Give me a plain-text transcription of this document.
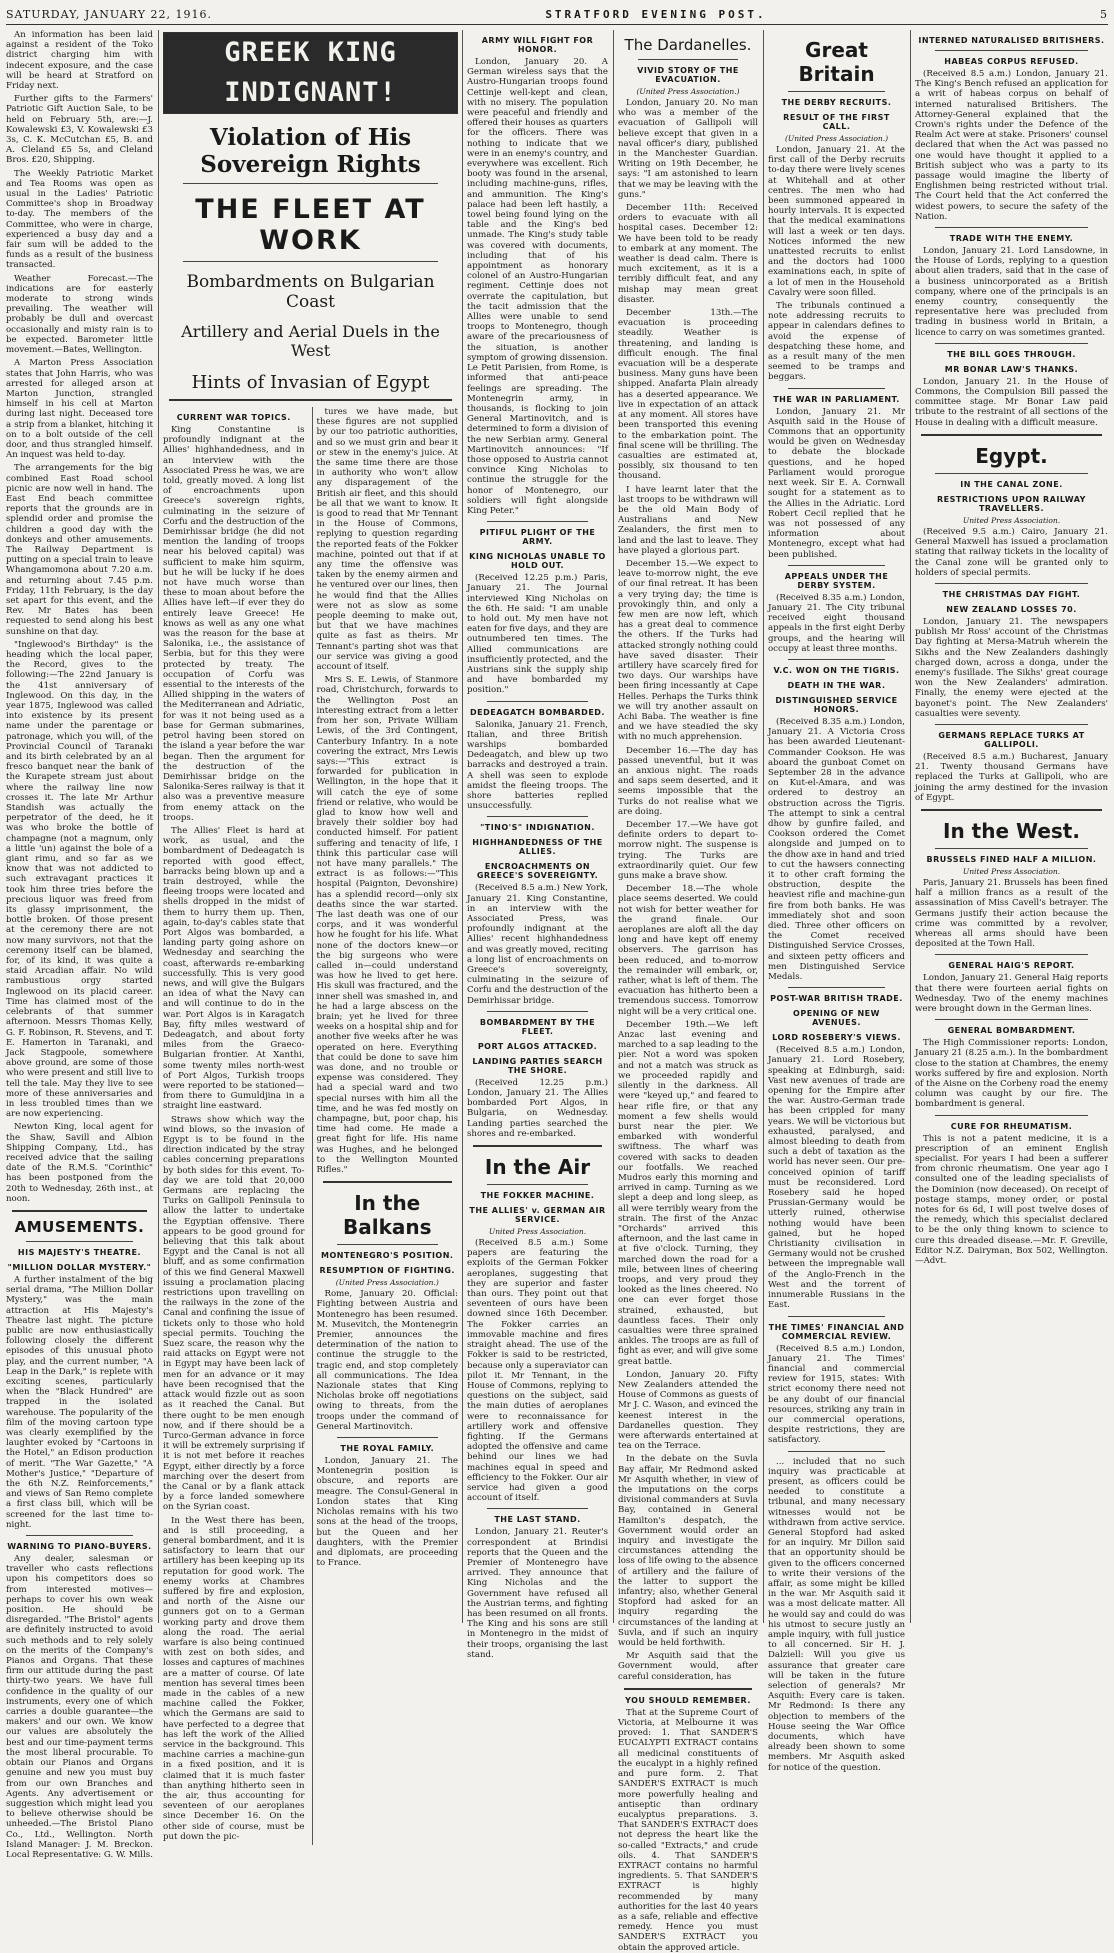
SATURDAY, JANUARY 22, 1916.	STRATFORD EVENING POST.	5

An information has been laid against a resident of the Toko district charging him with indecent exposure, and the case will be heard at Stratford on Friday next.

Further gifts to the Farmers' Patriotic Gift Auction Sale, to be held on February 5th, are:—J. Kowalewski £3, V. Kowalewski £3 3s, C. K. McCutchan £5, B. and A. Cleland £5 5s, and Cleland Bros. £20, Shipping.

The Weekly Patriotic Market and Tea Rooms was open as usual in the Ladies' Patriotic Committee's shop in Broadway to-day. The members of the Committee, who were in charge, experienced a busy day and a fair sum will be added to the funds as a result of the business transacted.

Weather Forecast.—The indications are for easterly moderate to strong winds prevailing. The weather will probably be dull and overcast occasionally and misty rain is to be expected. Barometer little movement.—Bates, Wellington.

A Marton Press Association states that John Harris, who was arrested for alleged arson at Marton Junction, strangled himself in his cell at Marton during last night. Deceased tore a strip from a blanket, hitching it on to a bolt outside of the cell door, and thus strangled himself. An inquest was held to-day.

The arrangements for the big combined East Road school picnic are now well in hand. The East End beach committee reports that the grounds are in splendid order and promise the children a good day with the donkeys and other amusements. The Railway Department is putting on a special train to leave Whangamomona about 7.20 a.m. and returning about 7.45 p.m. Friday, 11th February, is the day set apart for this event, and the Rev. Mr Bates has been requested to send along his best sunshine on that day.

"Inglewood's Birthday" is the heading which the local paper, the Record, gives to the following:—The 22nd January is the 41st anniversary of Inglewood. On this day, in the year 1875, Inglewood was called into existence by its present name under the parentage or patronage, which you will, of the Provincial Council of Taranaki and its birth celebrated by an al fresco banquet near the bank of the Kurapete stream just about where the railway line now crosses it. The late Mr Arthur Standish was actually the perpetrator of the deed, he it was who broke the bottle of champagne (not a magnum, only a little 'un) against the bole of a giant rimu, and so far as we know that was not addicted to such extravagant practices it took him three tries before the precious liquor was freed from its glassy imprisonment, the bottle broken. Of those present at the ceremony there are not now many survivors, not that the ceremony itself can be blamed, for, of its kind, it was quite a staid Arcadian affair. No wild rambustious orgy started Inglewood on its placid career. Time has claimed most of the celebrants of that summer afternoon. Messrs Thomas Kelly, G. F. Robinson, R. Stevens, and T. E. Hamerton in Taranaki, and Jack Stagpoole, somewhere above ground, are some of those who were present and still live to tell the tale. May they live to see more of these anniversaries and in less troubled times than we are now experiencing.

Newton King, local agent for the Shaw, Savill and Albion Shipping Company, Ltd., has received advice that the sailing date of the R.M.S. "Corinthic" has been postponed from the 20th to Wednesday, 26th inst., at noon.

AMUSEMENTS.
HIS MAJESTY'S THEATRE.
"MILLION DOLLAR MYSTERY."

A further instalment of the big serial drama, "The Million Dollar Mystery," was the main attraction at His Majesty's Theatre last night. The picture public are now enthusiastically following closely the different episodes of this unusual photo play, and the current number, "A Leap in the Dark," is replete with exciting scenes, particularly when the "Black Hundred" are trapped in the isolated warehouse. The popularity of the film of the moving cartoon type was clearly exemplified by the laughter evoked by "Cartoons in the Hotel," an Edison production of merit. "The War Gazette," "A Mother's Justice," "Departure of the 6th N.Z. Reinforcements," and views of San Remo complete a first class bill, which will be screened for the last time to-night.

WARNING TO PIANO-BUYERS.

Any dealer, salesman or traveller who casts reflections upon his competitors does so from interested motives—perhaps to cover his own weak position. He should be disregarded. "The Bristol" agents are definitely instructed to avoid such methods and to rely solely on the merits of the Company's Pianos and Organs. That these firm our attitude during the past thirty-two years. We have full confidence in the quality of our instruments, every one of which carries a double guarantee—the makers' and our own. We know our values are absolutely the best and our time-payment terms the most liberal procurable. To obtain our Pianos and Organs genuine and new you must buy from our own Branches and Agents. Any advertisement or suggestion which might lead you to believe otherwise should be unheeded.—The Bristol Piano Co., Ltd., Wellington. North Island Manager: J. M. Breckon. Local Representative: G. W. Mills.

GREEK KING INDIGNANT!
Violation of His Sovereign Rights
THE FLEET AT WORK
Bombardments on Bulgarian Coast
Artillery and Aerial Duels in the West
Hints of Invasian of Egypt
CURRENT WAR TOPICS.

King Constantine is profoundly indignant at the Allies' highhandedness, and in an interview with the Associated Press he was, we are told, greatly moved. A long list of encroachments upon Greece's sovereign rights, culminating in the seizure of Corfu and the destruction of the Demirhissar bridge (he did not mention the landing of troops near his beloved capital) was sufficient to make him squirm, but he will be lucky if he does not have much worse than these to moan about before the Allies have left—if ever they do entirely leave Greece! He knows as well as any one what was the reason for the base at Salonika, i.e., the assistance of Serbia, but for this they were protected by treaty. The occupation of Corfu was essential to the interests of the Allied shipping in the waters of the Mediterranean and Adriatic, for was it not being used as a base for German submarines, petrol having been stored on the island a year before the war began. Then the argument for the destruction of the Demirhissar bridge on the Salonika-Seres railway is that it also was a preventive measure from enemy attack on the troops.

The Allies' Fleet is hard at work, as usual, and the bombardment of Dedeagatch is reported with good effect, barracks being blown up and a train destroyed, while the fleeing troops were located and shells dropped in the midst of them to hurry them up. Then, again, to-day's cables state that Port Algos was bombarded, a landing party going ashore on Wednesday and searching the coast, afterwards re-embarking successfully. This is very good news, and will give the Bulgars an idea of what the Navy can and will continue to do in the war. Port Algos is in Karagatch Bay, fifty miles westward of Dedeagatch, and about forty miles from the Graeco-Bulgarian frontier. At Xanthi, some twenty miles north-west of Port Algos, Turkish troops were reported to be stationed—from there to Gumuldjina in a straight line eastward.

Straws show which way the wind blows, so the invasion of Egypt is to be found in the direction indicated by the stray cables concerning preparations by both sides for this event. To-day we are told that 20,000 Germans are replacing the Turks on Gallipoli Peninsula to allow the latter to undertake the Egyptian offensive. There appears to be good ground for believing that this talk about Egypt and the Canal is not all bluff, and as some confirmation of this we find General Maxwell issuing a proclamation placing restrictions upon travelling on the railways in the zone of the Canal and confining the issue of tickets only to those who hold special permits. Touching the Suez scare, the reason why the raid attacks on Egypt were not in Egypt may have been lack of men for an advance or it may have been recognised that the attack would fizzle out as soon as it reached the Canal. But there ought to be men enough now, and if there should be a Turco-German advance in force it will be extremely surprising if it is not met before it reaches Egypt, either directly by a force marching over the desert from the Canal or by a flank attack by a force landed somewhere on the Syrian coast.

In the West there has been, and is still proceeding, a general bombardment, and it is satisfactory to learn that our artillery has been keeping up its reputation for good work. The enemy works at Chambres suffered by fire and explosion, and north of the Aisne our gunners got on to a German working party and drove them along the road. The aerial warfare is also being continued with zest on both sides, and losses and captures of machines are a matter of course. Of late mention has several times been made in the cables of a new machine called the Fokker, which the Germans are said to have perfected to a degree that has left the work of the Allied service in the background. This machine carries a machine-gun in a fixed position, and it is claimed that it is much faster than anything hitherto seen in the air, thus accounting for seventeen of our aeroplanes since December 16. On the other side of course, must be put down the pic-

tures we have made, but these figures are not supplied by our too patriotic authorities, and so we must grin and bear it or stew in the enemy's juice. At the same time there are those in authority who won't allow any disparagement of the British air fleet, and this should be all that we want to know. It is good to read that Mr Tennant in the House of Commons, replying to question regarding the reported feats of the Fokker machine, pointed out that if at any time the offensive was taken by the enemy airmen and he ventured over our lines, then he would find that the Allies were not as slow as some people deeming to make out, but that we have machines quite as fast as theirs. Mr Tennant's parting shot was that our service was giving a good account of itself.

Mrs S. E. Lewis, of Stanmore road, Christchurch, forwards to the Wellington Post an interesting extract from a letter from her son, Private William Lewis, of the 3rd Contingent, Canterbury Infantry. In a note covering the extract, Mrs Lewis says:—"This extract is forwarded for publication in Wellington, in the hope that it will catch the eye of some friend or relative, who would be glad to know how well and bravely their soldier boy had conducted himself. For patient suffering and tenacity of life, I think this particular case will not have many parallels." The extract is as follows:—"This hospital (Paignton, Devonshire) has a splendid record—only six deaths since the war started. The last death was one of our corps, and it was wonderful how he fought for his life. What none of the doctors knew—or the big surgeons who were called in—could understand was how he lived to get here. His skull was fractured, and the inner shell was smashed in, and he had a large abscess on the brain; yet he lived for three weeks on a hospital ship and for another five weeks after he was operated on here. Everything that could be done to save him was done, and no trouble or expense was considered. They had a special ward and two special nurses with him all the time, and he was fed mostly on champagne, but, poor chap, his time had come. He made a great fight for life. His name was Hughes, and he belonged to the Wellington Mounted Rifles."

In the Balkans
MONTENEGRO'S POSITION.
RESUMPTION OF FIGHTING.
(United Press Association.)

Rome, January 20. Official: Fighting between Austria and Montenegro has been resumed. M. Musevitch, the Montenegrin Premier, announces the determination of the nation to continue the struggle to the tragic end, and stop completely all communications. The Idea Nazionale states that King Nicholas broke off negotiations owing to threats, from the troops under the command of General Martinovitch.

THE ROYAL FAMILY.

London, January 21. The Montenegrin position is obscure, and reports are meagre. The Consul-General in London states that King Nicholas remains with his two sons at the head of the troops, but the Queen and her daughters, with the Premier and diplomats, are proceeding to France.

ARMY WILL FIGHT FOR HONOR.

London, January 20. A German wireless says that the Austro-Hungarian troops found Cettinje well-kept and clean, with no misery. The population were peaceful and friendly and offered their houses as quarters for the officers. There was nothing to indicate that we were in an enemy's country, and everywhere was excellent. Rich booty was found in the arsenal, including machine-guns, rifles, and ammunition. The King's palace had been left hastily, a towel being found lying on the table and the King's bed unmade. The King's study table was covered with documents, including that of his appointment as honorary colonel of an Austro-Hungarian regiment. Cettinje does not overrate the capitulation, but the tacit admission that the Allies were unable to send troops to Montenegro, though aware of the precariousness of the situation, is another symptom of growing dissension. Le Petit Parisien, from Rome, is informed that anti-peace feelings are spreading. The Montenegrin army, in thousands, is flocking to join General Martinovitch, and is determined to form a division of the new Serbian army. General Martinovitch announces: "If those opposed to Austria cannot convince King Nicholas to continue the struggle for the honor of Montenegro, our soldiers will fight alongside King Peter."

PITIFUL PLIGHT OF THE ARMY.
KING NICHOLAS UNABLE TO HOLD OUT.

(Received 12.25 p.m.) Paris, January 21. The Journal interviewed King Nicholas on the 6th. He said: "I am unable to hold out. My men have not eaten for five days, and they are outnumbered ten times. The Allied communications are insufficiently protected, and the Austrians sink the supply ship and have bombarded my position."

DEDEAGATCH BOMBARDED.

Salonika, January 21. French, Italian, and three British warships bombarded Dedeagatch, and blew up two barracks and destroyed a train. A shell was seen to explode amidst the fleeing troops. The shore batteries replied unsuccessfully.

"TINO'S" INDIGNATION.
HIGHHANDEDNESS OF THE ALLIES.
ENCROACHMENTS ON GREECE'S SOVEREIGNTY.

(Received 8.5 a.m.) New York, January 21. King Constantine, in an interview with the Associated Press, was profoundly indignant at the Allies' recent highhandedness and was greatly moved, reciting a long list of encroachments on Greece's sovereignty, culminating in the seizure of Corfu and the destruction of the Demirhissar bridge.

BOMBARDMENT BY THE FLEET.
PORT ALGOS ATTACKED.
LANDING PARTIES SEARCH THE SHORE.

(Received 12.25 p.m.) London, January 21. The Allies bombarded Port Algos, in Bulgaria, on Wednesday. Landing parties searched the shores and re-embarked.

In the Air
THE FOKKER MACHINE.
THE ALLIES' v. GERMAN AIR SERVICE.
United Press Association.

(Received 8.5 a.m.) Some papers are featuring the exploits of the German Fokker aeroplanes, suggesting that they are superior and faster than ours. They point out that seventeen of ours have been downed since 16th December. The Fokker carries an immovable machine and fires straight ahead. The use of the Fokker is said to be restricted, because only a superaviator can pilot it. Mr Tennant, in the House of Commons, replying to questions on the subject, said the main duties of aeroplanes were to reconnaissance for artillery work and offensive fighting. If the Germans adopted the offensive and came behind our lines we had machines equal in speed and efficiency to the Fokker. Our air service had given a good account of itself.

THE LAST STAND.

London, January 21. Reuter's correspondent at Brindisi reports that the Queen and the Premier of Montenegro have arrived. They announce that King Nicholas and the Government have refused all the Austrian terms, and fighting has been resumed on all fronts. The King and his sons are still in Montenegro in the midst of their troops, organising the last stand.

The Dardanelles.
VIVID STORY OF THE EVACUATION.
(United Press Association.)

London, January 20. No man who was a member of the evacuation of Gallipoli will believe except that given in a naval officer's diary, published in the Manchester Guardian. Writing on 19th December, he says: "I am astonished to learn that we may be leaving with the guns."

December 11th: Received orders to evacuate with all hospital cases. December 12: We have been told to be ready to embark at any moment. The weather is dead calm. There is much excitement, as it is a terribly difficult feat, and any mishap may mean great disaster.

December 13th.—The evacuation is proceeding steadily. Weather is threatening, and landing is difficult enough. The final evacuation will be a desperate business. Many guns have been shipped. Anafarta Plain already has a deserted appearance. We live in expectation of an attack at any moment. All stores have been transported this evening to the embarkation point. The final scene will be thrilling. The casualties are estimated at, possibly, six thousand to ten thousand.

I have learnt later that the last troops to be withdrawn will be the old Main Body of Australians and New Zealanders, the first men to land and the last to leave. They have played a glorious part.

December 15.—We expect to leave to-morrow night, the eve of our final retreat. It has been a very trying day; the time is provokingly thin, and only a few men are now left, which has a great deal to commence the others. If the Turks had attacked strongly nothing could have saved disaster. Their artillery have scarcely fired for two days. Our warships have been firing incessantly at Cape Helles. Perhaps the Turks think we will try another assault on Achi Baba. The weather is fine and we have steadied the sky with no much apprehension.

December 16.—The day has passed uneventful, but it was an anxious night. The roads and saps seem deserted, and it seems impossible that the Turks do not realise what we are doing.

December 17.—We have got definite orders to depart to-morrow night. The suspense is trying. The Turks are extraordinarily quiet. Our few guns make a brave show.

December 18.—The whole place seems deserted. We could not wish for better weather for the grand finale. Our aeroplanes are aloft all the day long and have kept off enemy observers. The garrison has been reduced, and to-morrow the remainder will embark, or, rather, what is left of them. The evacuation has hitherto been a tremendous success. Tomorrow night will be a very critical one.

December 19th.—We left Anzac last evening and marched to a sap leading to the pier. Not a word was spoken and not a match was struck as we proceeded rapidly and silently in the darkness. All were "keyed up," and feared to hear rifle fire, or that any moment a few shells would burst near the pier. We embarked with wonderful swiftness. The wharf was covered with sacks to deaden our footfalls. We reached Mudros early this morning and arrived in camp. Turning as we slept a deep and long sleep, as all were terribly weary from the strain. The first of the Anzac "Orchards" arrived this afternoon, and the last came in at five o'clock. Turning, they marched down the road for a mile, between lines of cheering troops, and very proud they looked as the lines cheered. No one can ever forget those strained, exhausted, but dauntless faces. Their only casualties were three sprained ankles. The troops are as full of fight as ever, and will give some great battle.

London, January 20. Fifty New Zealanders attended the House of Commons as guests of Mr J. C. Wason, and evinced the keenest interest in the Dardanelles question. They were afterwards entertained at tea on the Terrace.

In the debate on the Suvla Bay affair, Mr Redmond asked Mr Asquith whether, in view of the imputations on the corps divisional commanders at Suvla Bay, contained in General Hamilton's despatch, the Government would order an inquiry and investigate the circumstances attending the loss of life owing to the absence of artillery and the failure of the latter to support the infantry; also, whether General Stopford had asked for an inquiry regarding the circumstances of the landing at Suvla, and if such an inquiry would be held forthwith.

Mr Asquith said that the Government would, after careful consideration, has

YOU SHOULD REMEMBER.

That at the Supreme Court of Victoria, at Melbourne it was proved: 1. That SANDER'S EUCALYPTI EXTRACT contains all medicinal constituents of the eucalypt in a highly refined and pure form. 2. That SANDER'S EXTRACT is much more powerfully healing and antiseptic than ordinary eucalyptus preparations. 3. That SANDER'S EXTRACT does not depress the heart like the so-called "Extracts," and crude oils. 4. That SANDER'S EXTRACT contains no harmful ingredients. 5. That SANDER'S EXTRACT is highly recommended by many authorities for the last 40 years as a safe, reliable and effective remedy. Hence you must SANDER'S EXTRACT you obtain the approved article.

Great Britain
THE DERBY RECRUITS.
RESULT OF THE FIRST CALL.
(United Press Association.)

London, January 21. At the first call of the Derby recruits to-day there were lively scenes at Whitehall and at other centres. The men who had been summoned appeared in hourly intervals. It is expected that the medical examinations will last a week or ten days. Notices informed the new unattested recruits to enlist and the doctors had 1000 examinations each, in spite of a lot of men in the Household Cavalry were soon filled.

The tribunals continued a note addressing recruits to appear in calendars defines to avoid the expense of despatching these home, and as a result many of the men seemed to be tramps and beggars.

THE WAR IN PARLIAMENT.

London, January 21. Mr Asquith said in the House of Commons that an opportunity would be given on Wednesday to debate the blockade questions, and he hoped Parliament would prorogue next week. Sir E. A. Cornwall sought for a statement as to the Allies in the Adriatic. Lord Robert Cecil replied that he was not possessed of any information about Montenegro, except what had been published.

APPEALS UNDER THE DERBY SYSTEM.

(Received 8.35 a.m.) London, January 21. The City tribunal received eight thousand appeals in the first eight Derby groups, and the hearing will occupy at least three months.

V.C. WON ON THE TIGRIS.
DEATH IN THE WAR.
DISTINGUISHED SERVICE HONORS.

(Received 8.35 a.m.) London, January 21. A Victoria Cross has been awarded Lieutenant-Commander Cookson. He was aboard the gunboat Comet on September 28 in the advance on Kut-el-Amara, and was ordered to destroy an obstruction across the Tigris. The attempt to sink a central dhow by gunfire failed, and Cookson ordered the Comet alongside and jumped on to the dhow axe in hand and tried to cut the hawsers connecting it to other craft forming the obstruction, despite the heaviest rifle and machine-gun fire from both banks. He was immediately shot and soon died. Three other officers on the Comet received Distinguished Service Crosses, and sixteen petty officers and men Distinguished Service Medals.

POST-WAR BRITISH TRADE.
OPENING OF NEW AVENUES.
LORD ROSEBERY'S VIEWS.

(Received 8.5 a.m.) London, January 21. Lord Rosebery, speaking at Edinburgh, said: Vast new avenues of trade are opening for the Empire after the war. Austro-German trade has been crippled for many years. We will be victorious but exhausted, paralysed, and almost bleeding to death from such a debt of taxation as the world has never seen. Our pre-conceived opinion of tariff must be reconsidered. Lord Rosebery said he hoped Prussian-Germany would be utterly ruined, otherwise nothing would have been gained, but he hoped Christianity civilisation in Germany would not be crushed between the impregnable wall of the Anglo-French in the West and the torrent of innumerable Russians in the East.

THE TIMES' FINANCIAL AND COMMERCIAL REVIEW.

(Received 8.5 a.m.) London, January 21. The Times' financial and commercial review for 1915, states: With strict economy there need not be any doubt of our financial resources, striking any train in our commercial operations, despite restrictions, they are satisfactory.

... included that no such inquiry was practicable at present, as officers could be needed to constitute a tribunal, and many necessary witnesses would not be withdrawn from active service. General Stopford had asked for an inquiry. Mr Dillon said that an opportunity should be given to the officers concerned to write their versions of the affair, as some might be killed in the war. Mr Asquith said it was a most delicate matter. All he would say and could do was his utmost to secure justly an ample inquiry, with full justice to all concerned. Sir H. J. Dalziell: Will you give us assurance that greater care will be taken in the future selection of generals? Mr Asquith: Every care is taken. Mr Redmond: Is there any objection to members of the House seeing the War Office documents, which have already been shown to some members. Mr Asquith asked for notice of the question.

INTERNED NATURALISED BRITISHERS.
HABEAS CORPUS REFUSED.

(Received 8.5 a.m.) London, January 21. The King's Bench refused an application for a writ of habeas corpus on behalf of interned naturalised Britishers. The Attorney-General explained that the Crown's rights under the Defence of the Realm Act were at stake. Prisoners' counsel declared that when the Act was passed no one would have thought it applied to a British subject who was a party to its passage would imagine the liberty of Englishmen being restricted without trial. The Court held that the Act conferred the widest powers, to secure the safety of the Nation.

TRADE WITH THE ENEMY.

London, January 21. Lord Lansdowne, in the House of Lords, replying to a question about alien traders, said that in the case of a business unincorporated as a British company, where one of the principals is an enemy country, consequently the representative here was precluded from trading in business world in Britain, a licence to carry on was sometimes granted.

THE BILL GOES THROUGH.
MR BONAR LAW'S THANKS.

London, January 21. In the House of Commons, the Compulsion Bill passed the committee stage. Mr Bonar Law paid tribute to the restraint of all sections of the House in dealing with a difficult measure.

Egypt.
IN THE CANAL ZONE.
RESTRICTIONS UPON RAILWAY TRAVELLERS.
United Press Association.

(Received 9.5 a.m.) Cairo, January 21. General Maxwell has issued a proclamation stating that railway tickets in the locality of the Canal zone will be granted only to holders of special permits.

THE CHRISTMAS DAY FIGHT.
NEW ZEALAND LOSSES 70.

London, January 21. The newspapers publish Mr Ross' account of the Christmas Day fighting at Mersa-Matruh wherein the Sikhs and the New Zealanders dashingly charged down, across a donga, under the enemy's fusillade. The Sikhs' great courage won the New Zealanders' admiration. Finally, the enemy were ejected at the bayonet's point. The New Zealanders' casualties were seventy.

GERMANS REPLACE TURKS AT GALLIPOLI.

(Received 8.5 a.m.) Bucharest, January 21. Twenty thousand Germans have replaced the Turks at Gallipoli, who are joining the army destined for the invasion of Egypt.

In the West.
BRUSSELS FINED HALF A MILLION.
United Press Association.

Paris, January 21. Brussels has been fined half a million francs as a result of the assassination of Miss Cavell's betrayer. The Germans justify their action because the crime was committed by a revolver, whereas all arms should have been deposited at the Town Hall.

GENERAL HAIG'S REPORT.

London, January 21. General Haig reports that there were fourteen aerial fights on Wednesday. Two of the enemy machines were brought down in the German lines.

GENERAL BOMBARDMENT.

The High Commissioner reports: London, January 21 (8.25 a.m.). In the bombardment close to the station at Chambres, the enemy works suffered by fire and explosion. North of the Aisne on the Corbeny road the enemy column was caught by our fire. The bombardment is general.

CURE FOR RHEUMATISM.

This is not a patent medicine, it is a prescription of an eminent English specialist. For years I had been a sufferer from chronic rheumatism. One year ago I consulted one of the leading specialists of the Dominion (now deceased). On receipt of postage stamps, money order, or postal notes for 6s 6d, I will post twelve doses of the remedy, which this specialist declared to be the only thing known to science to cure this dreaded disease.—Mr. F. Greville, Editor N.Z. Dairyman, Box 502, Wellington.—Advt.
